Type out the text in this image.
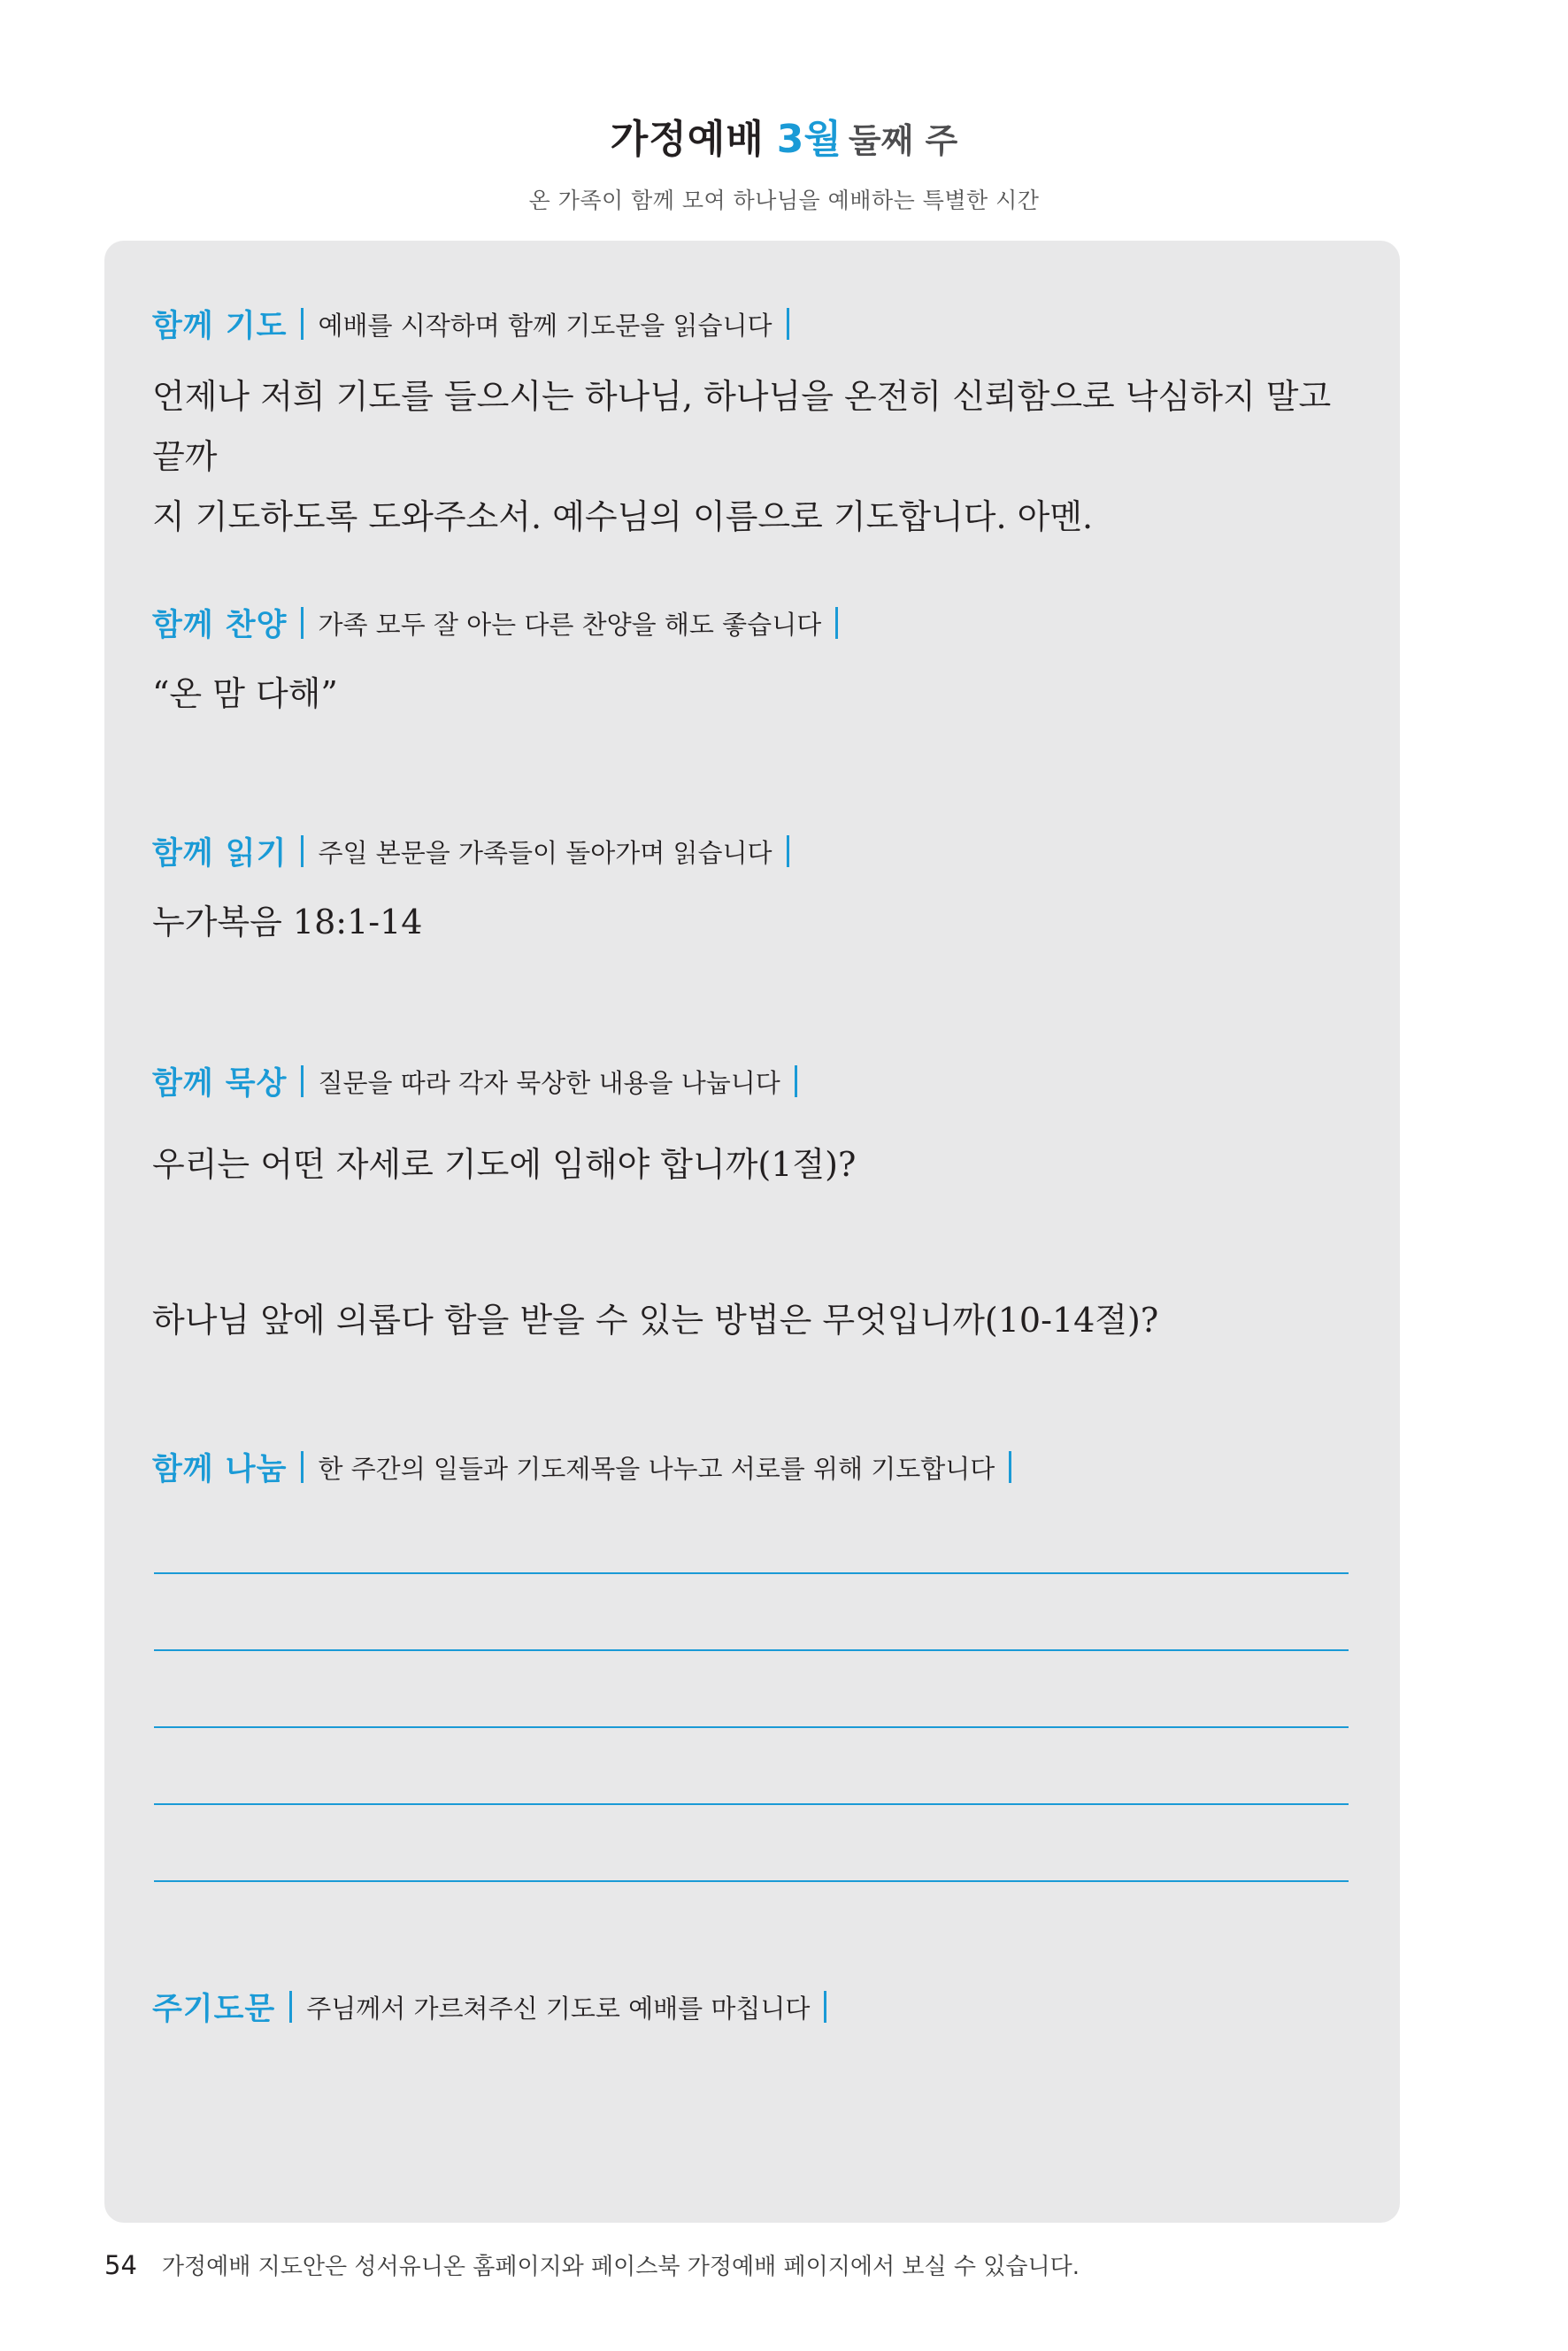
가정예배 3월 둘째 주
온 가족이 함께 모여 하나님을 예배하는 특별한 시간
함께 기도 예배를 시작하며 함께 기도문을 읽습니다
언제나 저희 기도를 들으시는 하나님, 하나님을 온전히 신뢰함으로 낙심하지 말고 끝까
지 기도하도록 도와주소서. 예수님의 이름으로 기도합니다. 아멘.
함께 찬양 가족 모두 잘 아는 다른 찬양을 해도 좋습니다
“온 맘 다해”
함께 읽기 주일 본문을 가족들이 돌아가며 읽습니다
누가복음 18:1-14
함께 묵상 질문을 따라 각자 묵상한 내용을 나눕니다
우리는 어떤 자세로 기도에 임해야 합니까(1절)?
하나님 앞에 의롭다 함을 받을 수 있는 방법은 무엇입니까(10-14절)?
함께 나눔 한 주간의 일들과 기도제목을 나누고 서로를 위해 기도합니다
주기도문 주님께서 가르쳐주신 기도로 예배를 마칩니다
54 가정예배 지도안은 성서유니온 홈페이지와 페이스북 가정예배 페이지에서 보실 수 있습니다.
